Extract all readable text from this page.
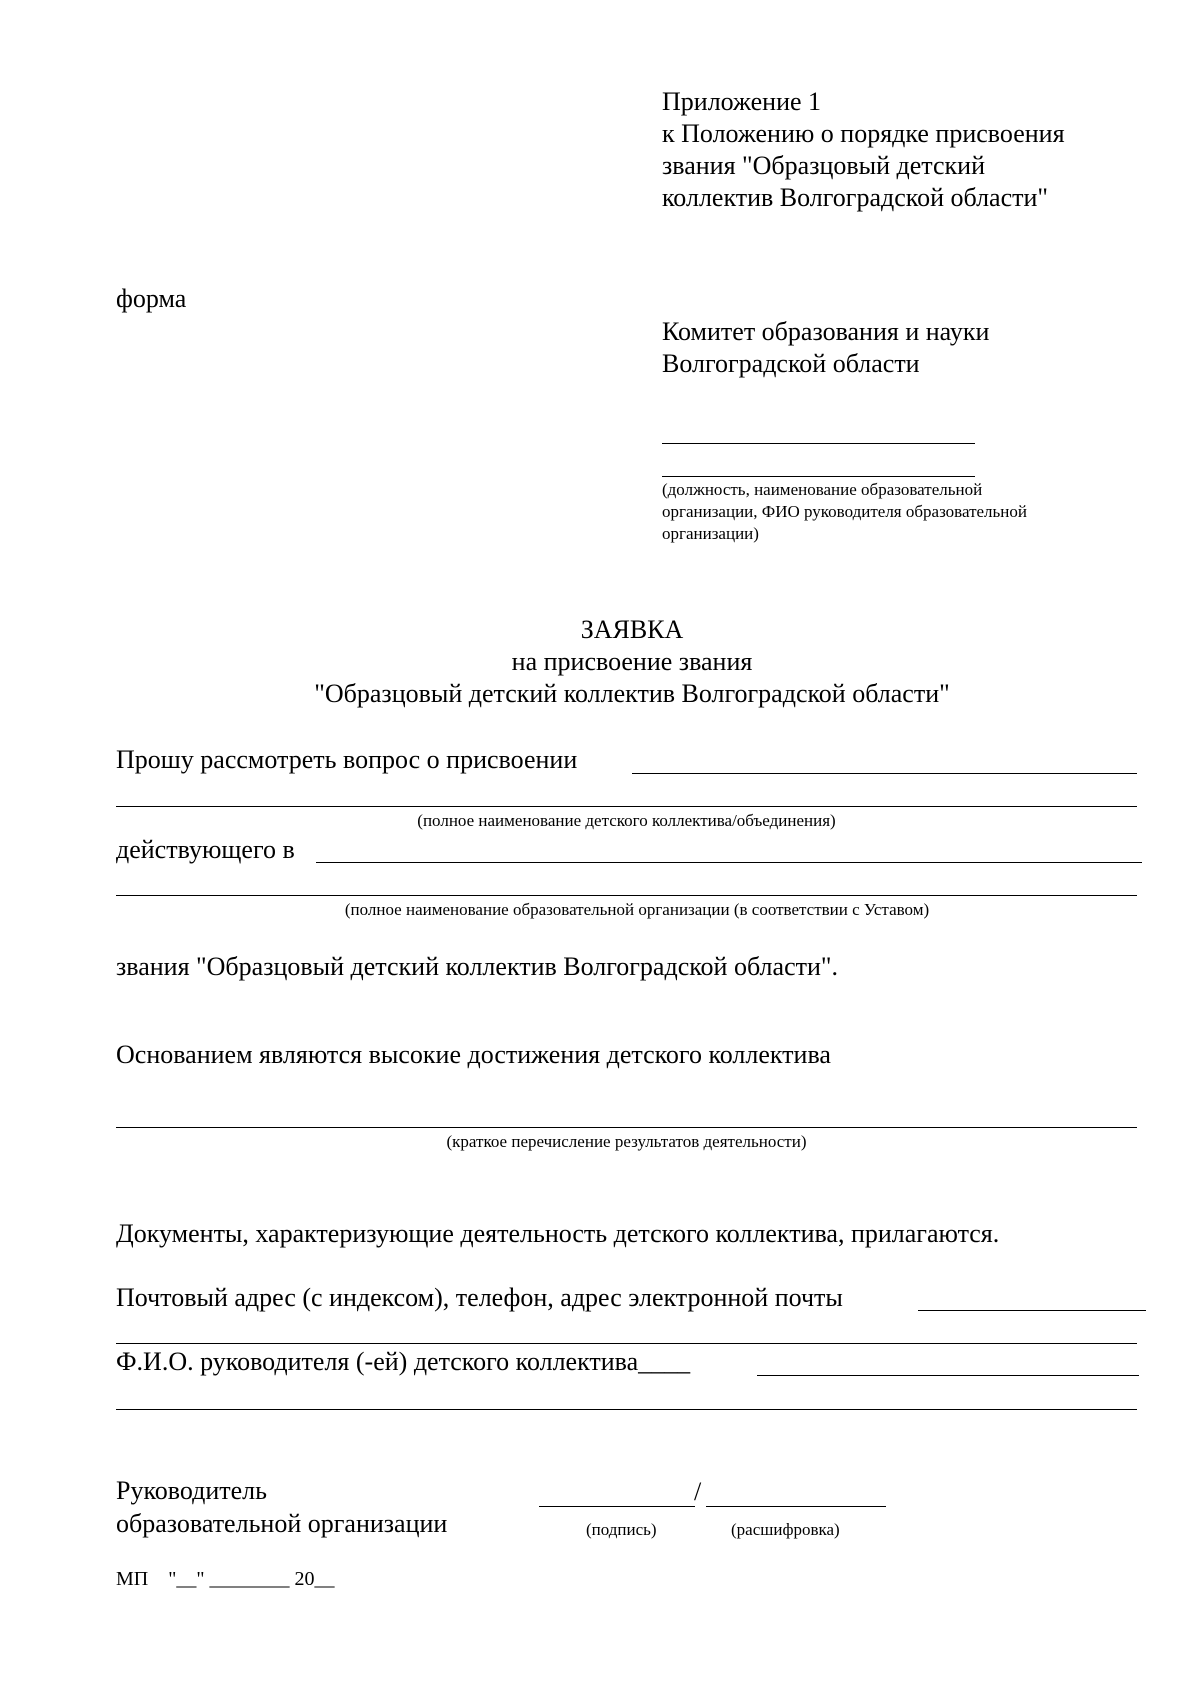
Приложение 1
к Положению о порядке присвоения
звания "Образцовый детский
коллектив Волгоградской области"
форма
Комитет образования и науки
Волгоградской области
(должность, наименование образовательной
организации, ФИО руководителя образовательной
организации)
ЗАЯВКА
на присвоение звания
"Образцовый детский коллектив Волгоградской области"
Прошу рассмотреть вопрос о присвоении
(полное наименование детского коллектива/объединения)
действующего в
(полное наименование образовательной организации (в соответствии с Уставом)
звания "Образцовый детский коллектив Волгоградской области".
Основанием являются высокие достижения детского коллектива
(краткое перечисление результатов деятельности)
Документы, характеризующие деятельность детского коллектива, прилагаются.
Почтовый адрес (с индексом), телефон, адрес электронной почты
Ф.И.О. руководителя (-ей) детского коллектива____
Руководитель
образовательной организации
/
(подпись)	(расшифровка)
МП    "__" ________ 20__
